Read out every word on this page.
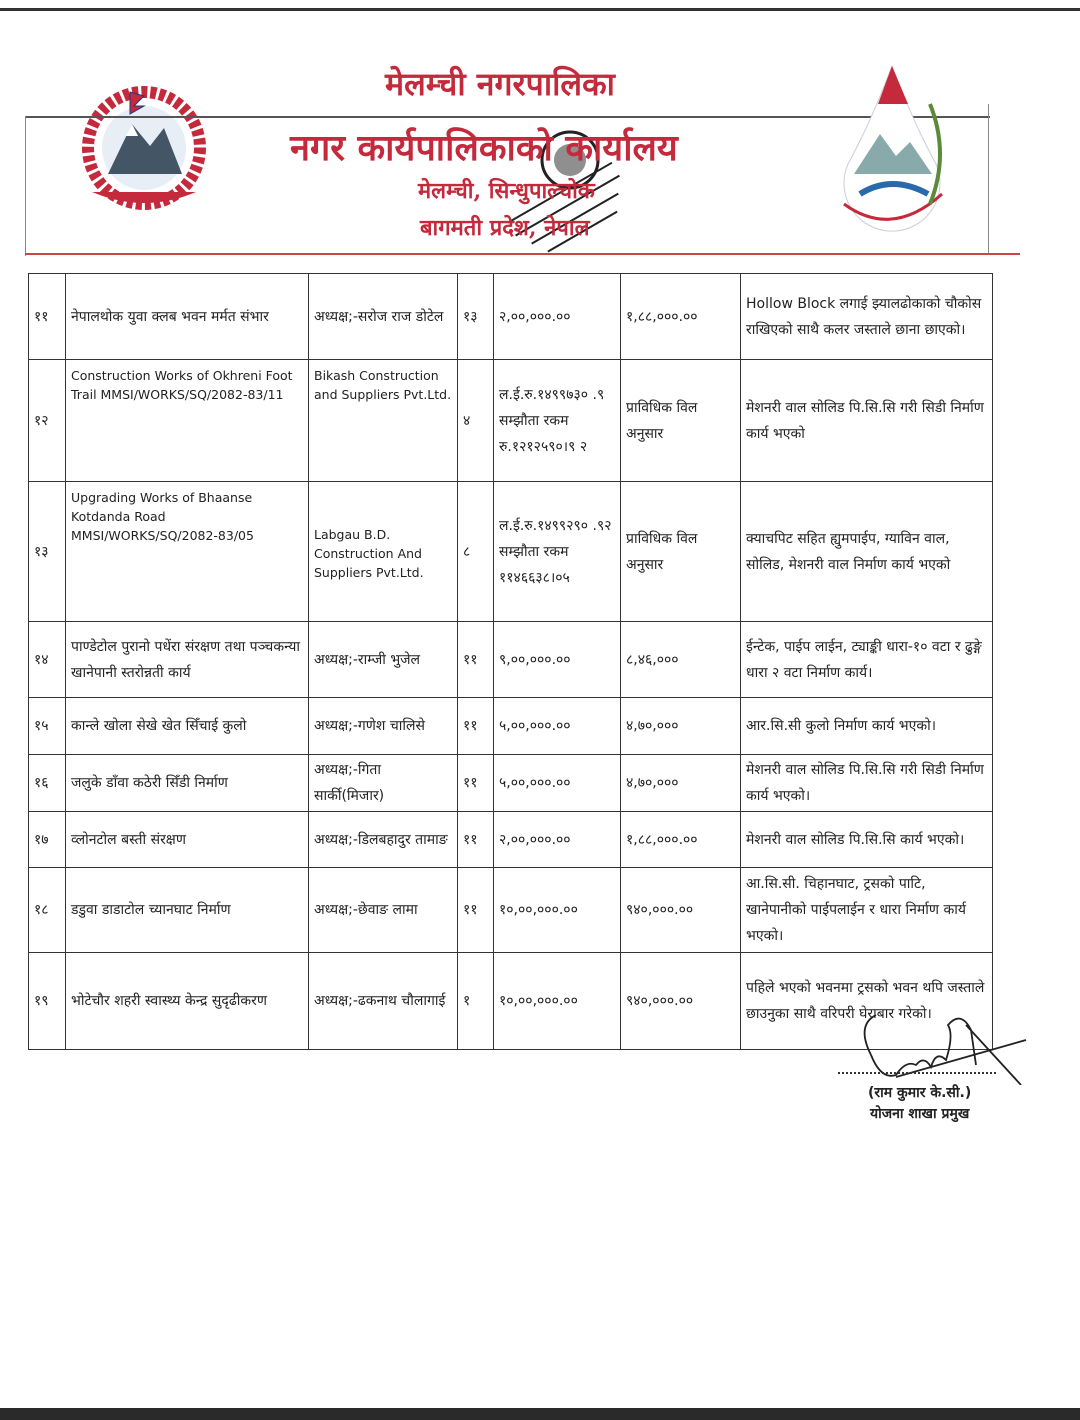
मेलम्ची नगरपालिका
नगर कार्यपालिकाको कार्यालय
मेलम्ची, सिन्धुपाल्चोक
बागमती प्रदेश, नेपाल
११	नेपालथोक युवा क्लब भवन मर्मत संभार	अध्यक्ष;-सरोज राज डोटेल	१३	२,००,०००.००	१,८८,०००.००	Hollow Block लगाई झ्यालढोकाको चौकोस राखिएको साथै कलर जस्ताले छाना छाएको।
१२	Construction Works of Okhreni Foot Trail MMSI/WORKS/SQ/2082-83/11	Bikash Construction and Suppliers Pvt.Ltd.	४	ल.ई.रु.१४९९७३० .९ सम्झौता रकम रु.१२१२५९०।९ २	प्राविधिक विल अनुसार	मेशनरी वाल सोलिड पि.सि.सि गरी सिडी निर्माण कार्य भएको
१३	Upgrading Works of Bhaanse Kotdanda Road MMSI/WORKS/SQ/2082-83/05	Labgau B.D. Construction And Suppliers Pvt.Ltd.	८	ल.ई.रु.१४९९२९० .९२ सम्झौता रकम ११४६६३८।०५	प्राविधिक विल अनुसार	क्याचपिट सहित ह्युमपाईप, ग्याविन वाल, सोलिड, मेशनरी वाल निर्माण कार्य भएको
१४	पाण्डेटोल पुरानो पधेंरा संरक्षण तथा पञ्चकन्या खानेपानी स्तरोन्नती कार्य	अध्यक्ष;-राम्जी भुजेल	११	९,००,०००.००	८,४६,०००	ईन्टेक, पाईप लाईन, ट्याङ्की धारा-१० वटा र ढुङ्गे धारा २ वटा निर्माण कार्य।
१५	कान्ले खोला सेखे खेत सिँचाई कुलो	अध्यक्ष;-गणेश चालिसे	११	५,००,०००.००	४,७०,०००	आर.सि.सी कुलो निर्माण कार्य भएको।
१६	जलुके डाँवा कठेरी सिँडी निर्माण	अध्यक्ष;-गिता सार्की(मिजार)	११	५,००,०००.००	४,७०,०००	मेशनरी वाल सोलिड पि.सि.सि गरी सिडी निर्माण कार्य भएको।
१७	व्लोनटोल बस्ती संरक्षण	अध्यक्ष;-डिलबहादुर तामाङ	११	२,००,०००.००	१,८८,०००.००	मेशनरी वाल सोलिड पि.सि.सि कार्य भएको।
१८	डडुवा डाडाटोल च्यानघाट निर्माण	अध्यक्ष;-छेवाङ लामा	११	१०,००,०००.००	९४०,०००.००	आ.सि.सी. चिहानघाट, ट्रसको पाटि, खानेपानीको पाईपलाईन र धारा निर्माण कार्य भएको।
१९	भोटेचौर शहरी स्वास्थ्य केन्द्र सुदृढीकरण	अध्यक्ष;-ढकनाथ चौलागाई	१	१०,००,०००.००	९४०,०००.००	पहिले भएको भवनमा ट्रसको भवन थपि जस्ताले छाउनुका साथै वरिपरी घेराबार गरेको।
(राम कुमार के.सी.)
योजना शाखा प्रमुख
